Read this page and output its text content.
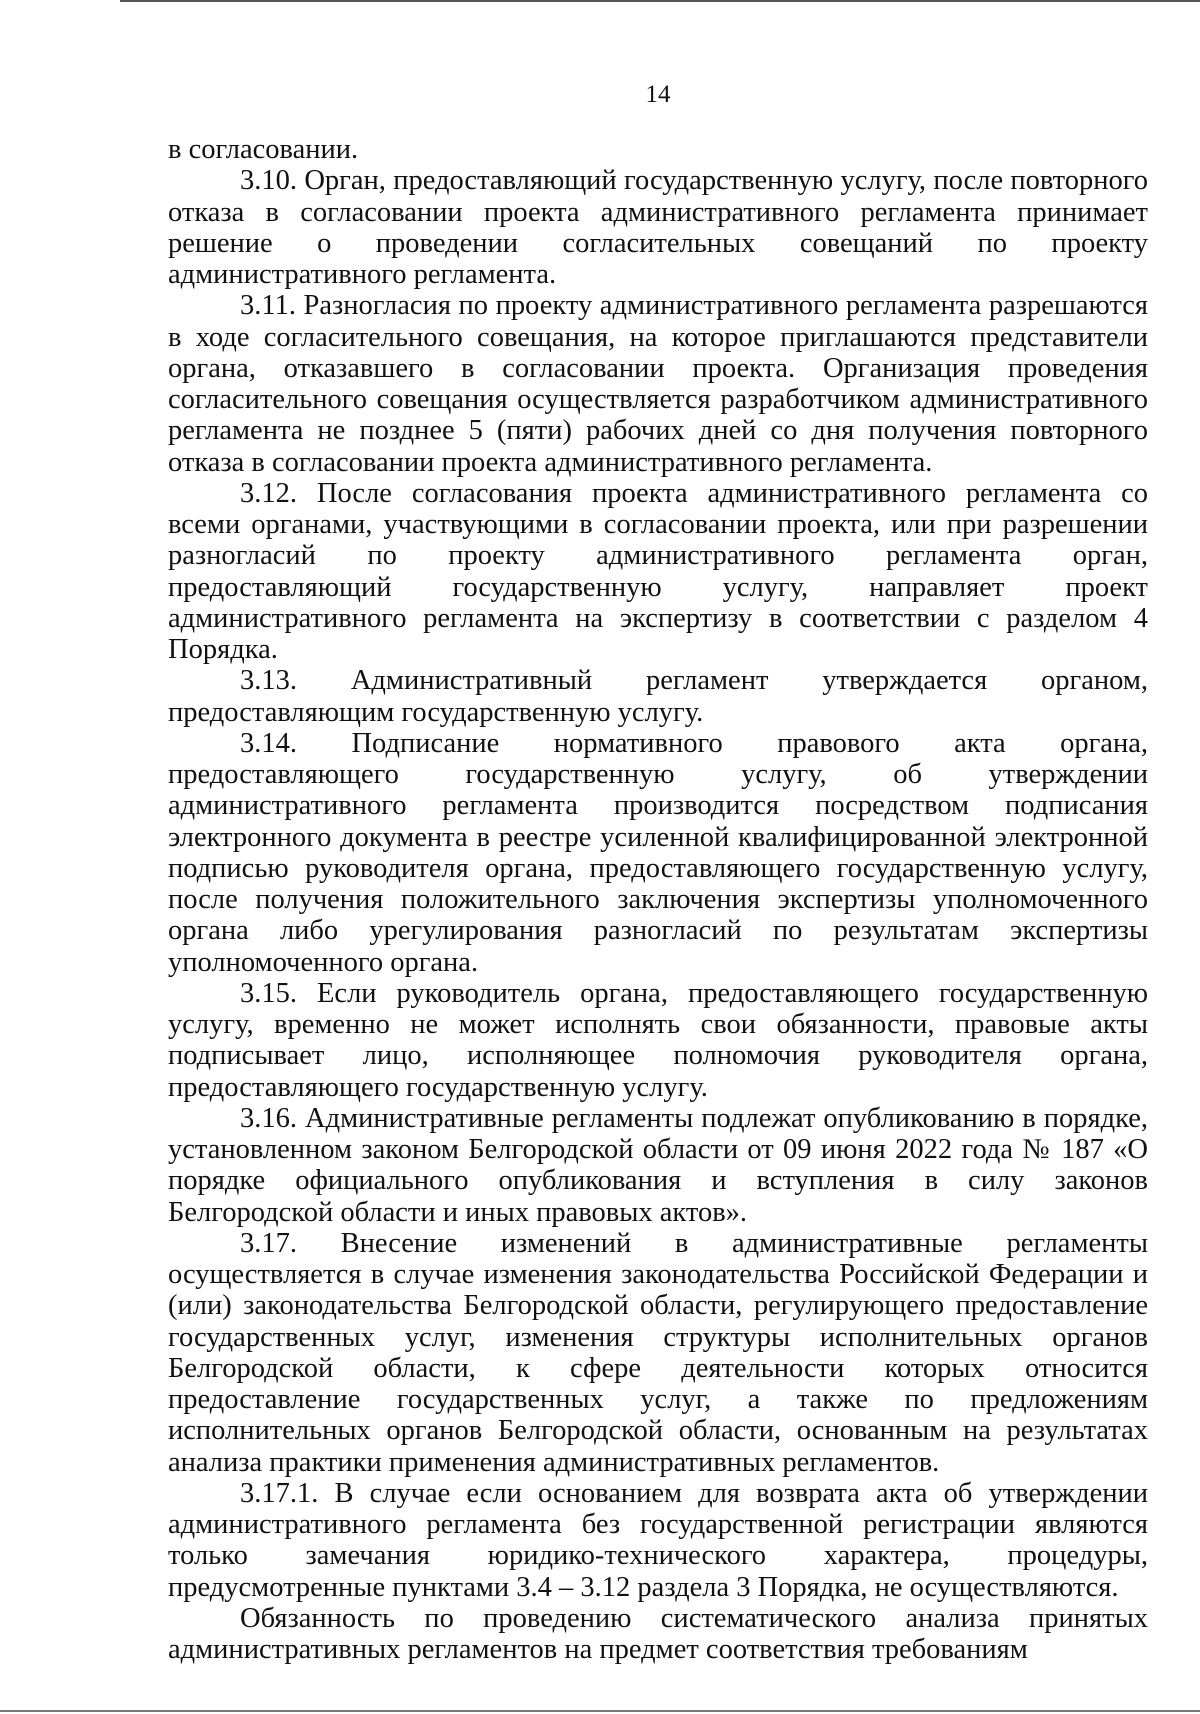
14

в согласовании.

3.10. Орган, предоставляющий государственную услугу, после повторного отказа в согласовании проекта административного регламента принимает решение о проведении согласительных совещаний по проекту административного регламента.

3.11. Разногласия по проекту административного регламента разрешаются в ходе согласительного совещания, на которое приглашаются представители органа, отказавшего в согласовании проекта. Организация проведения согласительного совещания осуществляется разработчиком административного регламента не позднее 5 (пяти) рабочих дней со дня получения повторного отказа в согласовании проекта административного регламента.

3.12. После согласования проекта административного регламента со всеми органами, участвующими в согласовании проекта, или при разрешении разногласий по проекту административного регламента орган, предоставляющий государственную услугу, направляет проект административного регламента на экспертизу в соответствии с разделом 4 Порядка.

3.13. Административный регламент утверждается органом, предоставляющим государственную услугу.

3.14. Подписание нормативного правового акта органа, предоставляющего государственную услугу, об утверждении административного регламента производится посредством подписания электронного документа в реестре усиленной квалифицированной электронной подписью руководителя органа, предоставляющего государственную услугу, после получения положительного заключения экспертизы уполномоченного органа либо урегулирования разногласий по результатам экспертизы уполномоченного органа.

3.15. Если руководитель органа, предоставляющего государственную услугу, временно не может исполнять свои обязанности, правовые акты подписывает лицо, исполняющее полномочия руководителя органа, предоставляющего государственную услугу.

3.16. Административные регламенты подлежат опубликованию в порядке, установленном законом Белгородской области от 09 июня 2022 года № 187 «О порядке официального опубликования и вступления в силу законов Белгородской области и иных правовых актов».

3.17. Внесение изменений в административные регламенты осуществляется в случае изменения законодательства Российской Федерации и (или) законодательства Белгородской области, регулирующего предоставление государственных услуг, изменения структуры исполнительных органов Белгородской области, к сфере деятельности которых относится предоставление государственных услуг, а также по предложениям исполнительных органов Белгородской области, основанным на результатах анализа практики применения административных регламентов.

3.17.1. В случае если основанием для возврата акта об утверждении административного регламента без государственной регистрации являются только замечания юридико-технического характера, процедуры, предусмотренные пунктами 3.4 – 3.12 раздела 3 Порядка, не осуществляются.

Обязанность по проведению систематического анализа принятых административных регламентов на предмет соответствия требованиям
